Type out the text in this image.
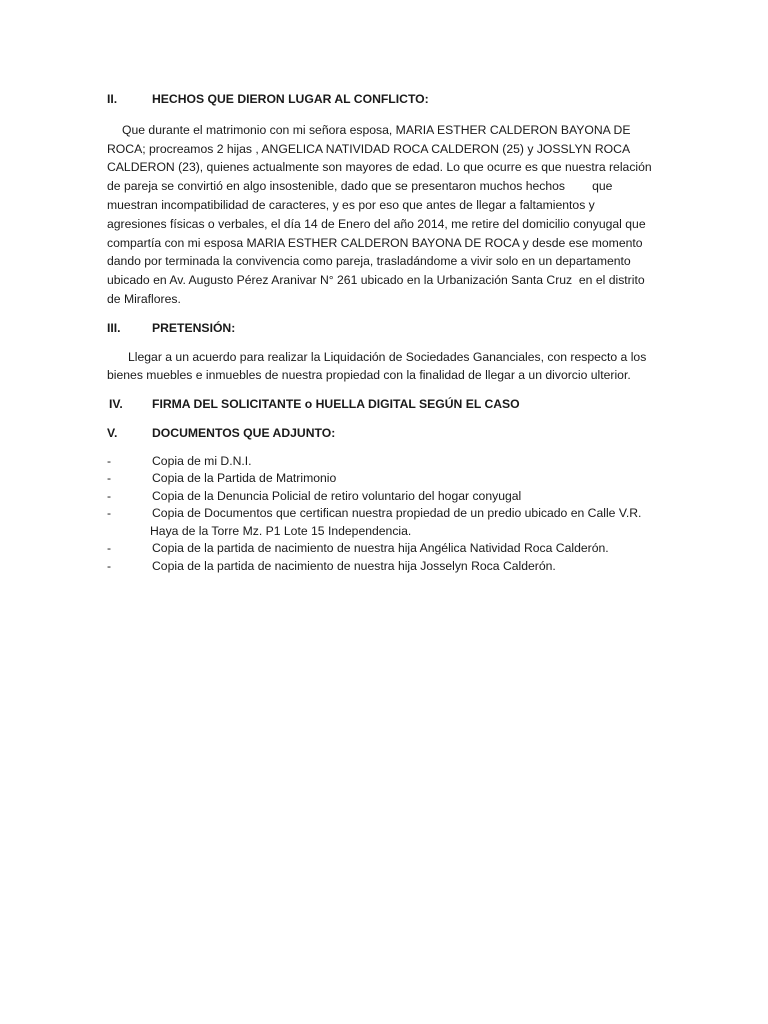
II.	HECHOS QUE DIERON LUGAR AL CONFLICTO:
Que durante el matrimonio con mi señora esposa, MARIA ESTHER CALDERON BAYONA DE
ROCA; procreamos 2 hijas , ANGELICA NATIVIDAD ROCA CALDERON (25) y JOSSLYN ROCA
CALDERON (23), quienes actualmente son mayores de edad. Lo que ocurre es que nuestra relación
de pareja se convirtió en algo insostenible, dado que se presentaron muchos hechos        que
muestran incompatibilidad de caracteres, y es por eso que antes de llegar a faltamientos y
agresiones físicas o verbales, el día 14 de Enero del año 2014, me retire del domicilio conyugal que
compartía con mi esposa MARIA ESTHER CALDERON BAYONA DE ROCA y desde ese momento
dando por terminada la convivencia como pareja, trasladándome a vivir solo en un departamento
ubicado en Av. Augusto Pérez Aranivar N° 261 ubicado en la Urbanización Santa Cruz  en el distrito
de Miraflores.
III.	PRETENSIÓN:
Llegar a un acuerdo para realizar la Liquidación de Sociedades Gananciales, con respecto a los
bienes muebles e inmuebles de nuestra propiedad con la finalidad de llegar a un divorcio ulterior.
IV.	FIRMA DEL SOLICITANTE o HUELLA DIGITAL SEGÚN EL CASO
V.	DOCUMENTOS QUE ADJUNTO:
-	Copia de mi D.N.I.
-	Copia de la Partida de Matrimonio
-	Copia de la Denuncia Policial de retiro voluntario del hogar conyugal
-	Copia de Documentos que certifican nuestra propiedad de un predio ubicado en Calle V.R.
Haya de la Torre Mz. P1 Lote 15 Independencia.
-	Copia de la partida de nacimiento de nuestra hija Angélica Natividad Roca Calderón.
-	Copia de la partida de nacimiento de nuestra hija Josselyn Roca Calderón.
